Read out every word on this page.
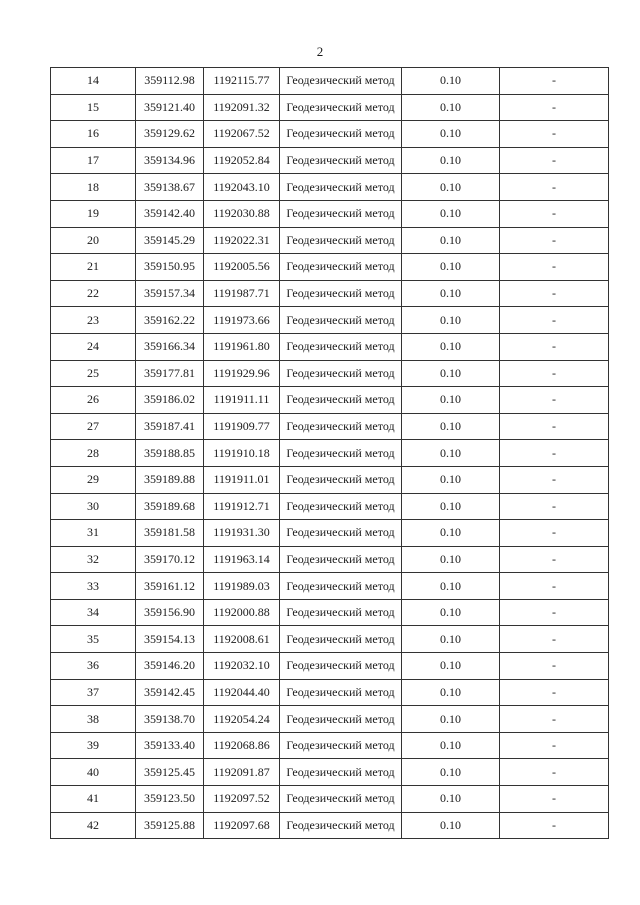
2
14	359112.98	1192115.77	Геодезический метод	0.10	-
15	359121.40	1192091.32	Геодезический метод	0.10	-
16	359129.62	1192067.52	Геодезический метод	0.10	-
17	359134.96	1192052.84	Геодезический метод	0.10	-
18	359138.67	1192043.10	Геодезический метод	0.10	-
19	359142.40	1192030.88	Геодезический метод	0.10	-
20	359145.29	1192022.31	Геодезический метод	0.10	-
21	359150.95	1192005.56	Геодезический метод	0.10	-
22	359157.34	1191987.71	Геодезический метод	0.10	-
23	359162.22	1191973.66	Геодезический метод	0.10	-
24	359166.34	1191961.80	Геодезический метод	0.10	-
25	359177.81	1191929.96	Геодезический метод	0.10	-
26	359186.02	1191911.11	Геодезический метод	0.10	-
27	359187.41	1191909.77	Геодезический метод	0.10	-
28	359188.85	1191910.18	Геодезический метод	0.10	-
29	359189.88	1191911.01	Геодезический метод	0.10	-
30	359189.68	1191912.71	Геодезический метод	0.10	-
31	359181.58	1191931.30	Геодезический метод	0.10	-
32	359170.12	1191963.14	Геодезический метод	0.10	-
33	359161.12	1191989.03	Геодезический метод	0.10	-
34	359156.90	1192000.88	Геодезический метод	0.10	-
35	359154.13	1192008.61	Геодезический метод	0.10	-
36	359146.20	1192032.10	Геодезический метод	0.10	-
37	359142.45	1192044.40	Геодезический метод	0.10	-
38	359138.70	1192054.24	Геодезический метод	0.10	-
39	359133.40	1192068.86	Геодезический метод	0.10	-
40	359125.45	1192091.87	Геодезический метод	0.10	-
41	359123.50	1192097.52	Геодезический метод	0.10	-
42	359125.88	1192097.68	Геодезический метод	0.10	-
